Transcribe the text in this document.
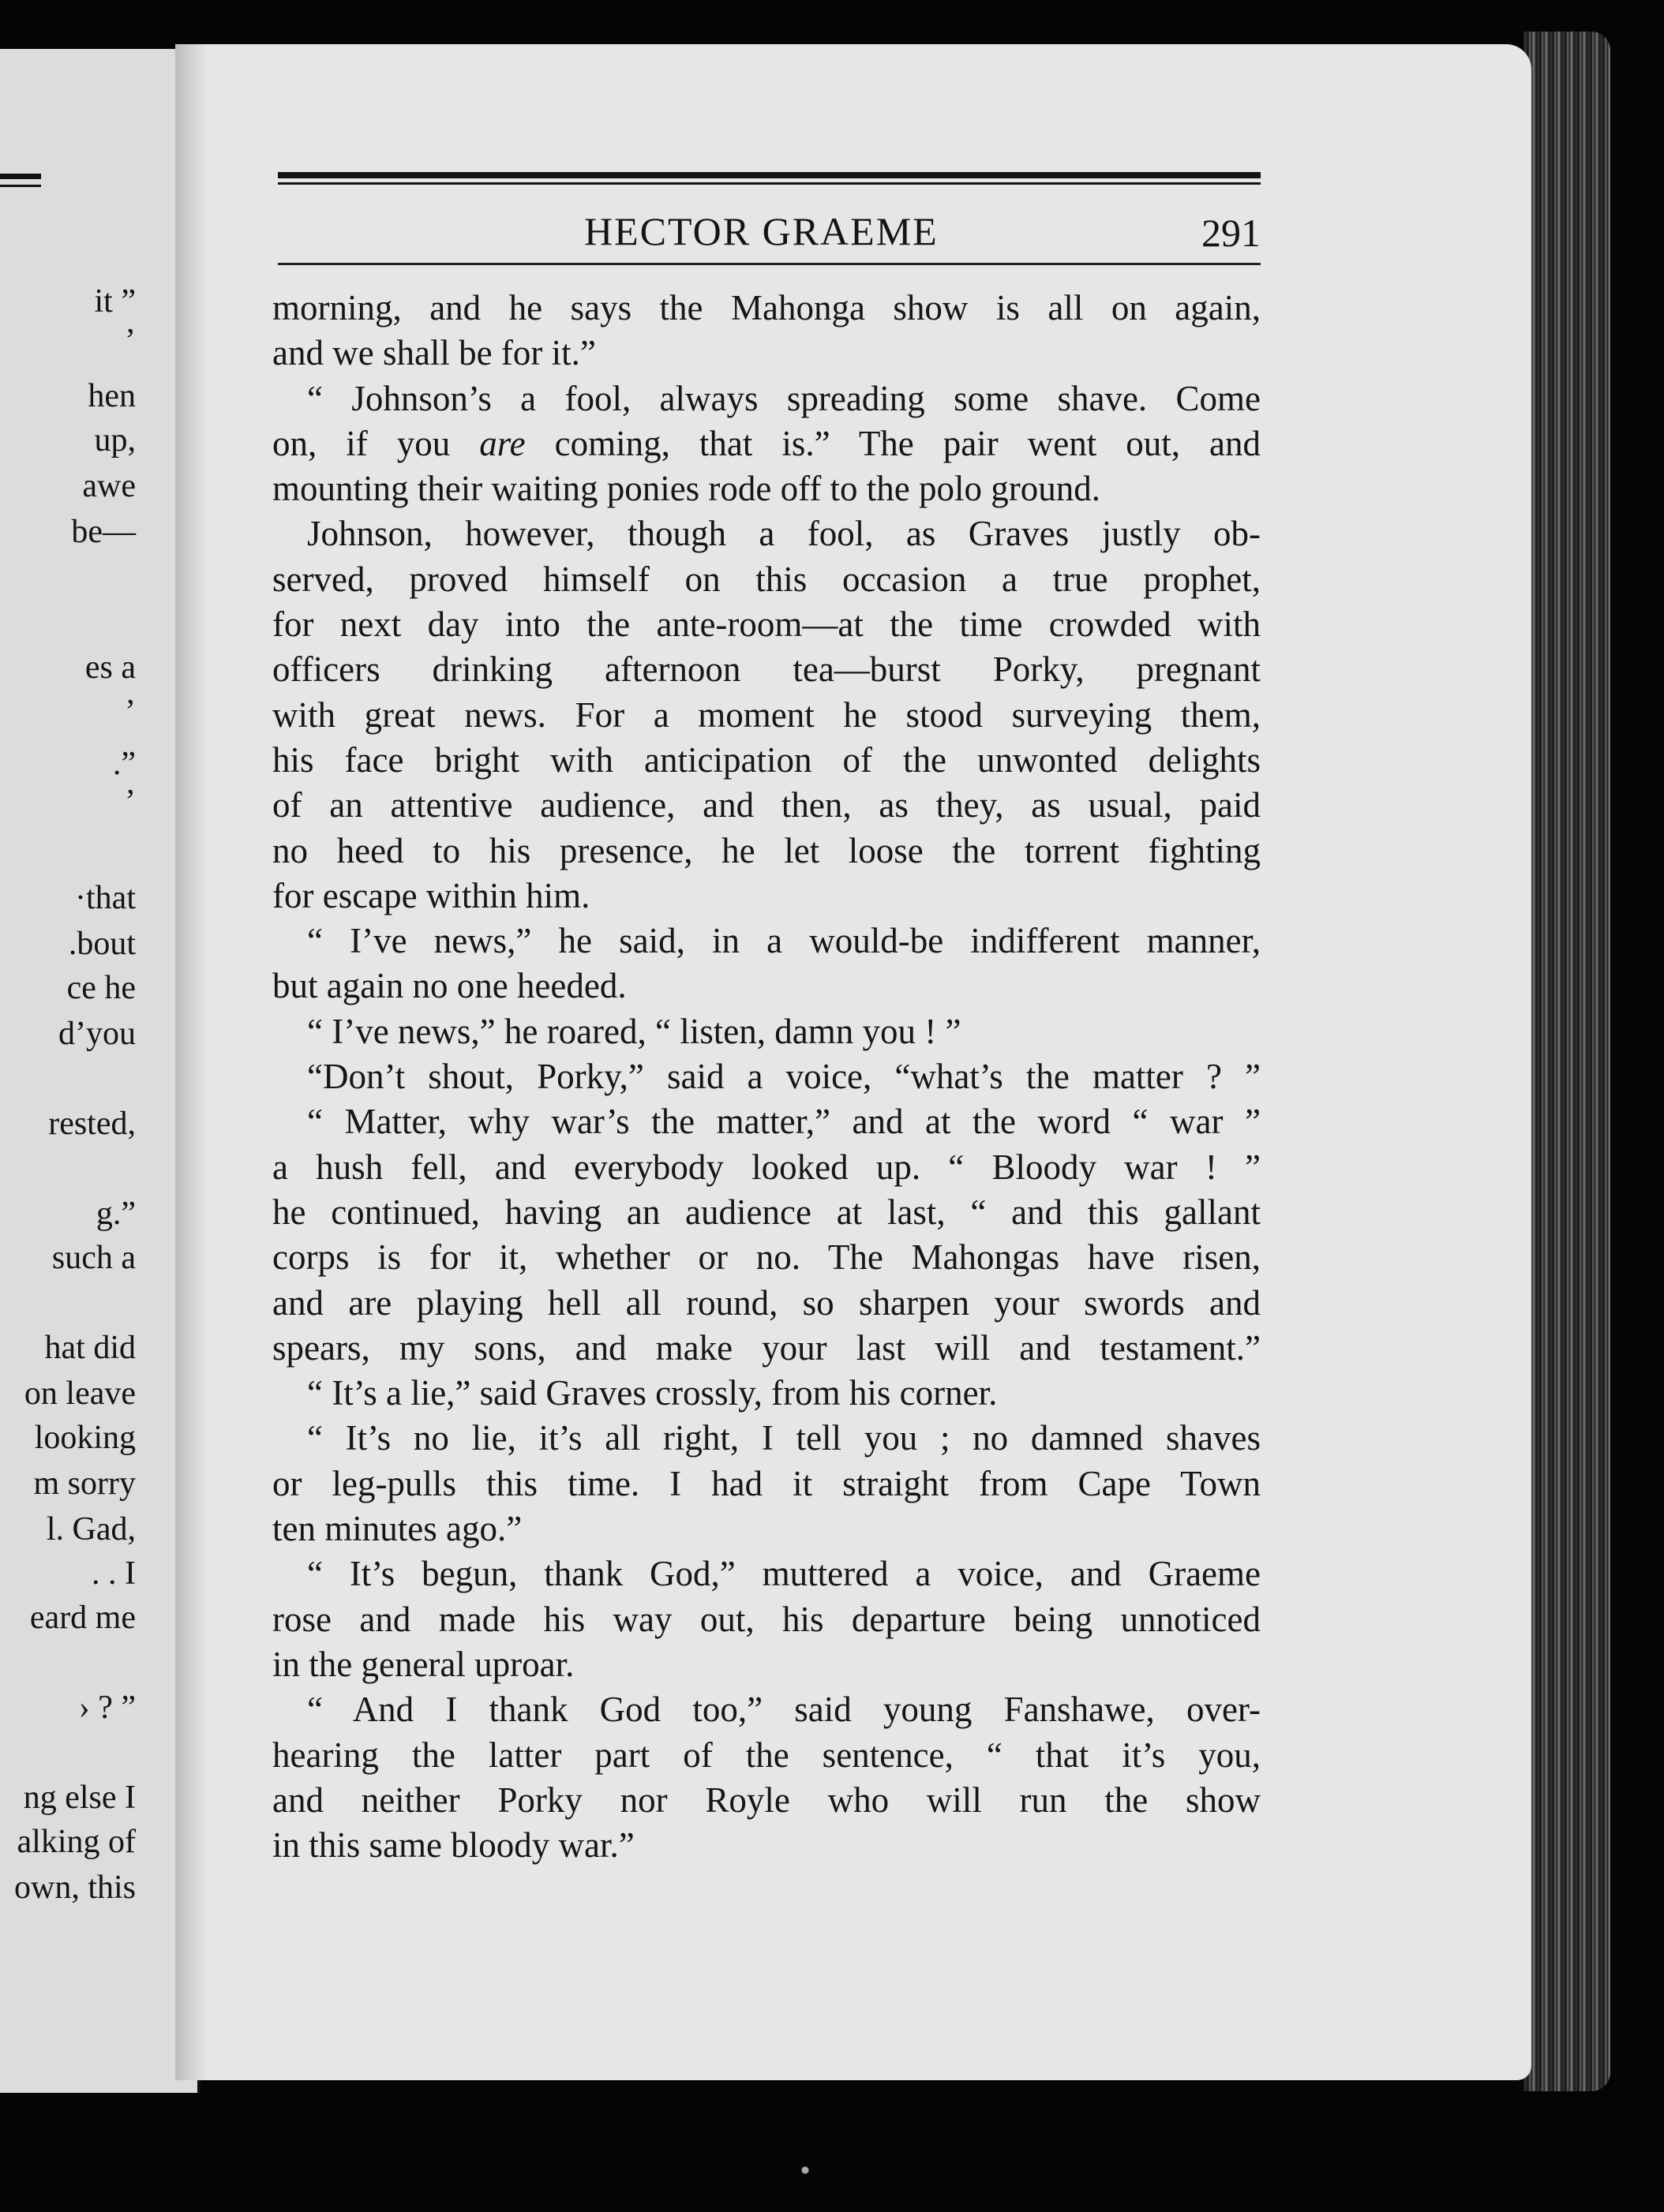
it ”
’
hen
up,
awe
be—
es a
’
.”
’
·that
.bout
ce he
d’you
rested,
g.”
such a
hat did
on leave
looking
m sorry
l. Gad,
. . I
eard me
› ? ”
ng else I
alking of
own, this
HECTOR GRAEME	291
morning, and he says the Mahonga show is all on again,
and we shall be for it.”
“ Johnson’s a fool, always spreading some shave. Come
on, if you are coming, that is.” The pair went out, and
mounting their waiting ponies rode off to the polo ground.
Johnson, however, though a fool, as Graves justly ob-
served, proved himself on this occasion a true prophet,
for next day into the ante-room—at the time crowded with
officers drinking afternoon tea—burst Porky, pregnant
with great news. For a moment he stood surveying them,
his face bright with anticipation of the unwonted delights
of an attentive audience, and then, as they, as usual, paid
no heed to his presence, he let loose the torrent fighting
for escape within him.
“ I’ve news,” he said, in a would-be indifferent manner,
but again no one heeded.
“ I’ve news,” he roared, “ listen, damn you ! ”
“Don’t shout, Porky,” said a voice, “what’s the matter ? ”
“ Matter, why war’s the matter,” and at the word “ war ”
a hush fell, and everybody looked up. “ Bloody war ! ”
he continued, having an audience at last, “ and this gallant
corps is for it, whether or no. The Mahongas have risen,
and are playing hell all round, so sharpen your swords and
spears, my sons, and make your last will and testament.”
“ It’s a lie,” said Graves crossly, from his corner.
“ It’s no lie, it’s all right, I tell you ; no damned shaves
or leg-pulls this time. I had it straight from Cape Town
ten minutes ago.”
“ It’s begun, thank God,” muttered a voice, and Graeme
rose and made his way out, his departure being unnoticed
in the general uproar.
“ And I thank God too,” said young Fanshawe, over-
hearing the latter part of the sentence, “ that it’s you,
and neither Porky nor Royle who will run the show
in this same bloody war.”
